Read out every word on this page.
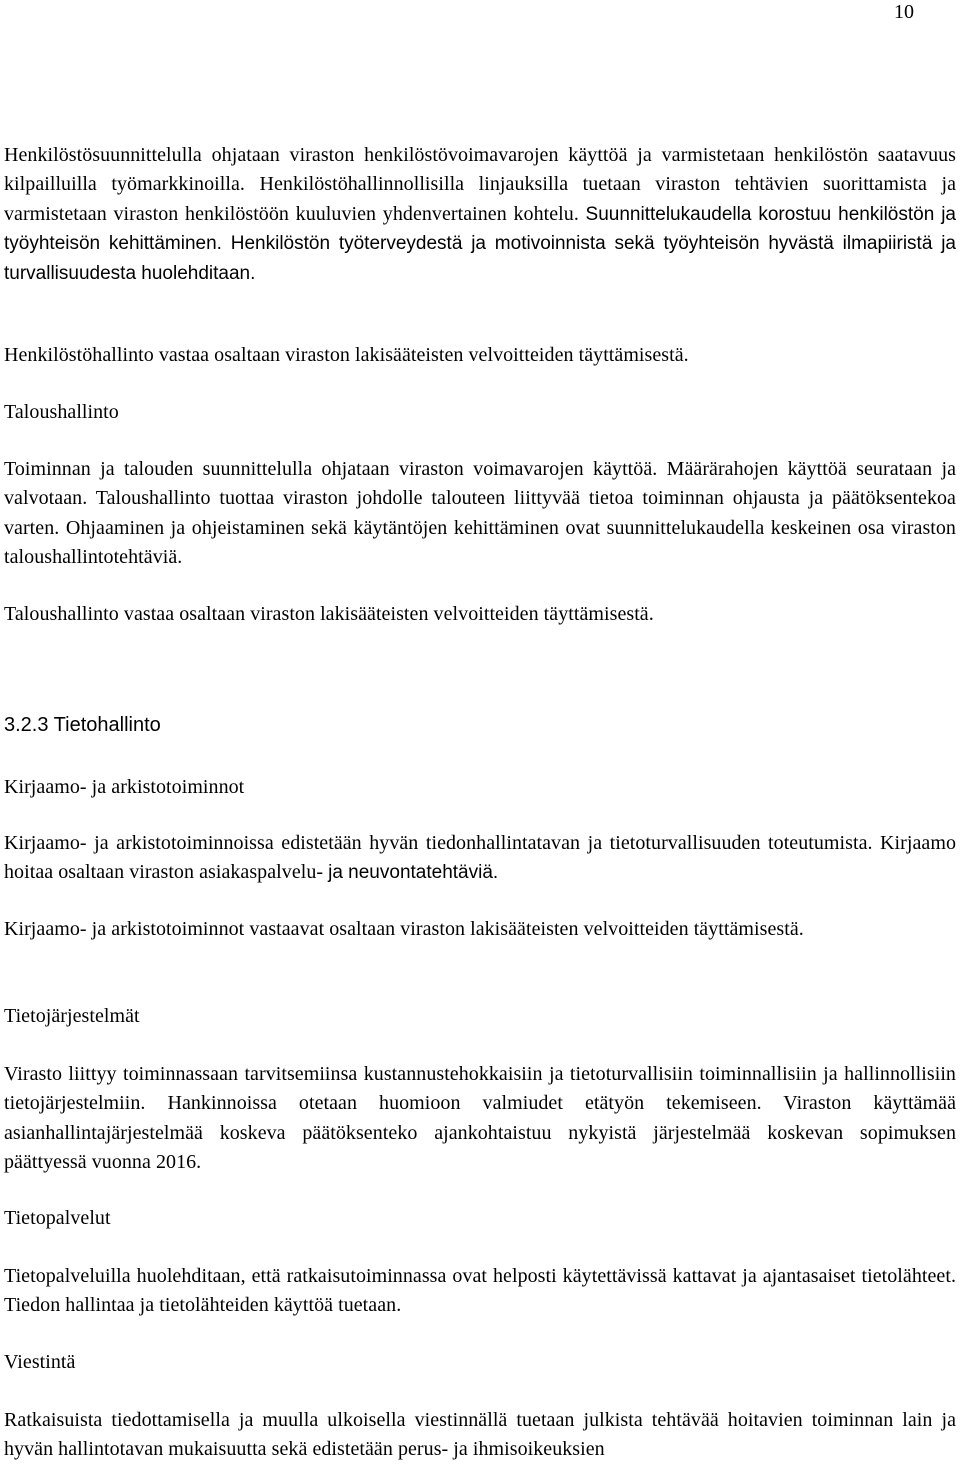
10

Henkilöstösuunnittelulla ohjataan viraston henkilöstövoimavarojen käyttöä ja varmistetaan henkilöstön saatavuus kilpailluilla työmarkkinoilla. Henkilöstöhallinnollisilla linjauksilla tuetaan viraston tehtävien suorittamista ja varmistetaan viraston henkilöstöön kuuluvien yhdenvertainen kohtelu. Suunnittelukaudella korostuu henkilöstön ja työyhteisön kehittäminen. Henkilöstön työterveydestä ja motivoinnista sekä työyhteisön hyvästä ilmapiiristä ja turvallisuudesta huolehditaan.

Henkilöstöhallinto vastaa osaltaan viraston lakisääteisten velvoitteiden täyttämisestä.

Taloushallinto

Toiminnan ja talouden suunnittelulla ohjataan viraston voimavarojen käyttöä. Määrärahojen käyttöä seurataan ja valvotaan. Taloushallinto tuottaa viraston johdolle talouteen liittyvää tietoa toiminnan ohjausta ja päätöksentekoa varten. Ohjaaminen ja ohjeistaminen sekä käytäntöjen kehittäminen ovat suunnittelukaudella keskeinen osa viraston taloushallintotehtäviä.

Taloushallinto vastaa osaltaan viraston lakisääteisten velvoitteiden täyttämisestä.

3.2.3 Tietohallinto

Kirjaamo- ja arkistotoiminnot

Kirjaamo- ja arkistotoiminnoissa edistetään hyvän tiedonhallintatavan ja tietoturvallisuuden toteutumista. Kirjaamo hoitaa osaltaan viraston asiakaspalvelu- ja neuvontatehtäviä.

Kirjaamo- ja arkistotoiminnot vastaavat osaltaan viraston lakisääteisten velvoitteiden täyttämisestä.

Tietojärjestelmät

Virasto liittyy toiminnassaan tarvitsemiinsa kustannustehokkaisiin ja tietoturvallisiin toiminnallisiin ja hallinnollisiin tietojärjestelmiin. Hankinnoissa otetaan huomioon valmiudet etätyön tekemiseen. Viraston käyttämää asianhallintajärjestelmää koskeva päätöksenteko ajankohtaistuu nykyistä järjestelmää koskevan sopimuksen päättyessä vuonna 2016.

Tietopalvelut

Tietopalveluilla huolehditaan, että ratkaisutoiminnassa ovat helposti käytettävissä kattavat ja ajantasaiset tietolähteet. Tiedon hallintaa ja tietolähteiden käyttöä tuetaan.

Viestintä

Ratkaisuista tiedottamisella ja muulla ulkoisella viestinnällä tuetaan julkista tehtävää hoitavien toiminnan lain ja hyvän hallintotavan mukaisuutta sekä edistetään perus- ja ihmisoikeuksien
